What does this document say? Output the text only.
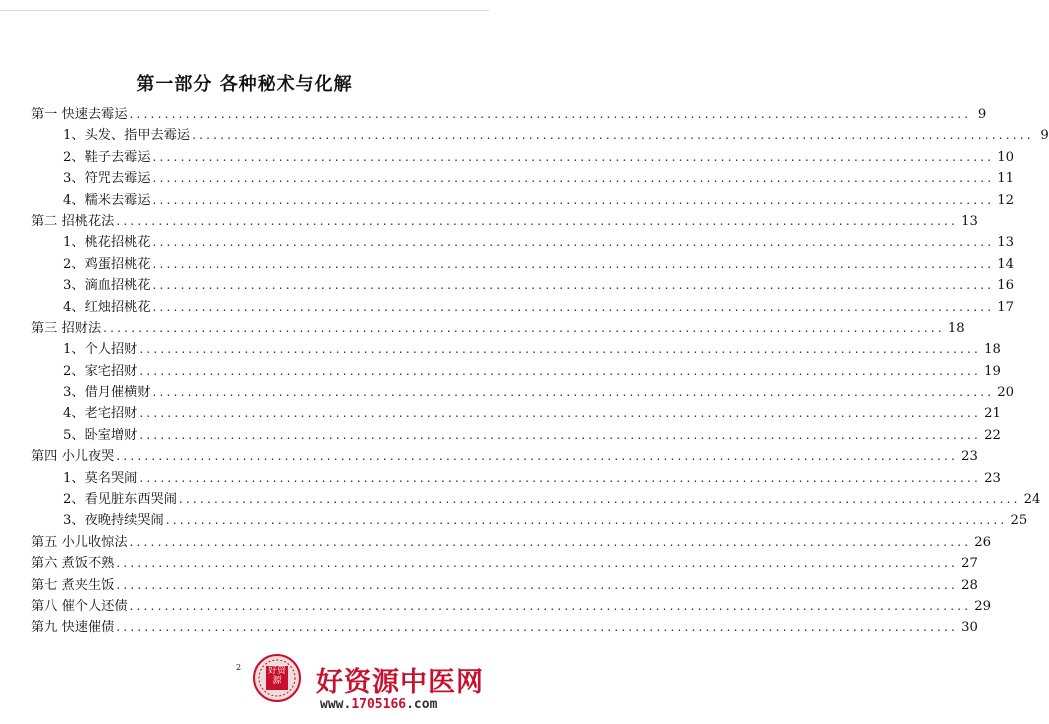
第一部分 各种秘术与化解
第一 快速去霉运 ........................................................................................................................ 9
1、头发、指甲去霉运 ........................................................................................................................ 9
2、鞋子去霉运 ........................................................................................................................ 10
3、符咒去霉运 ........................................................................................................................ 11
4、糯米去霉运 ........................................................................................................................ 12
第二 招桃花法 ........................................................................................................................ 13
1、桃花招桃花 ........................................................................................................................ 13
2、鸡蛋招桃花 ........................................................................................................................ 14
3、滴血招桃花 ........................................................................................................................ 16
4、红烛招桃花 ........................................................................................................................ 17
第三 招财法 ........................................................................................................................ 18
1、个人招财 ........................................................................................................................ 18
2、家宅招财 ........................................................................................................................ 19
3、借月催横财 ........................................................................................................................ 20
4、老宅招财 ........................................................................................................................ 21
5、卧室增财 ........................................................................................................................ 22
第四 小儿夜哭 ........................................................................................................................ 23
1、莫名哭闹 ........................................................................................................................ 23
2、看见脏东西哭闹 ........................................................................................................................ 24
3、夜晚持续哭闹 ........................................................................................................................ 25
第五 小儿收惊法 ........................................................................................................................ 26
第六 煮饭不熟 ........................................................................................................................ 27
第七 煮夹生饭 ........................................................................................................................ 28
第八 催个人还债 ........................................................................................................................ 29
第九 快速催债 ........................................................................................................................ 30
2	好资源	好资源中医网
www.1705166.com
